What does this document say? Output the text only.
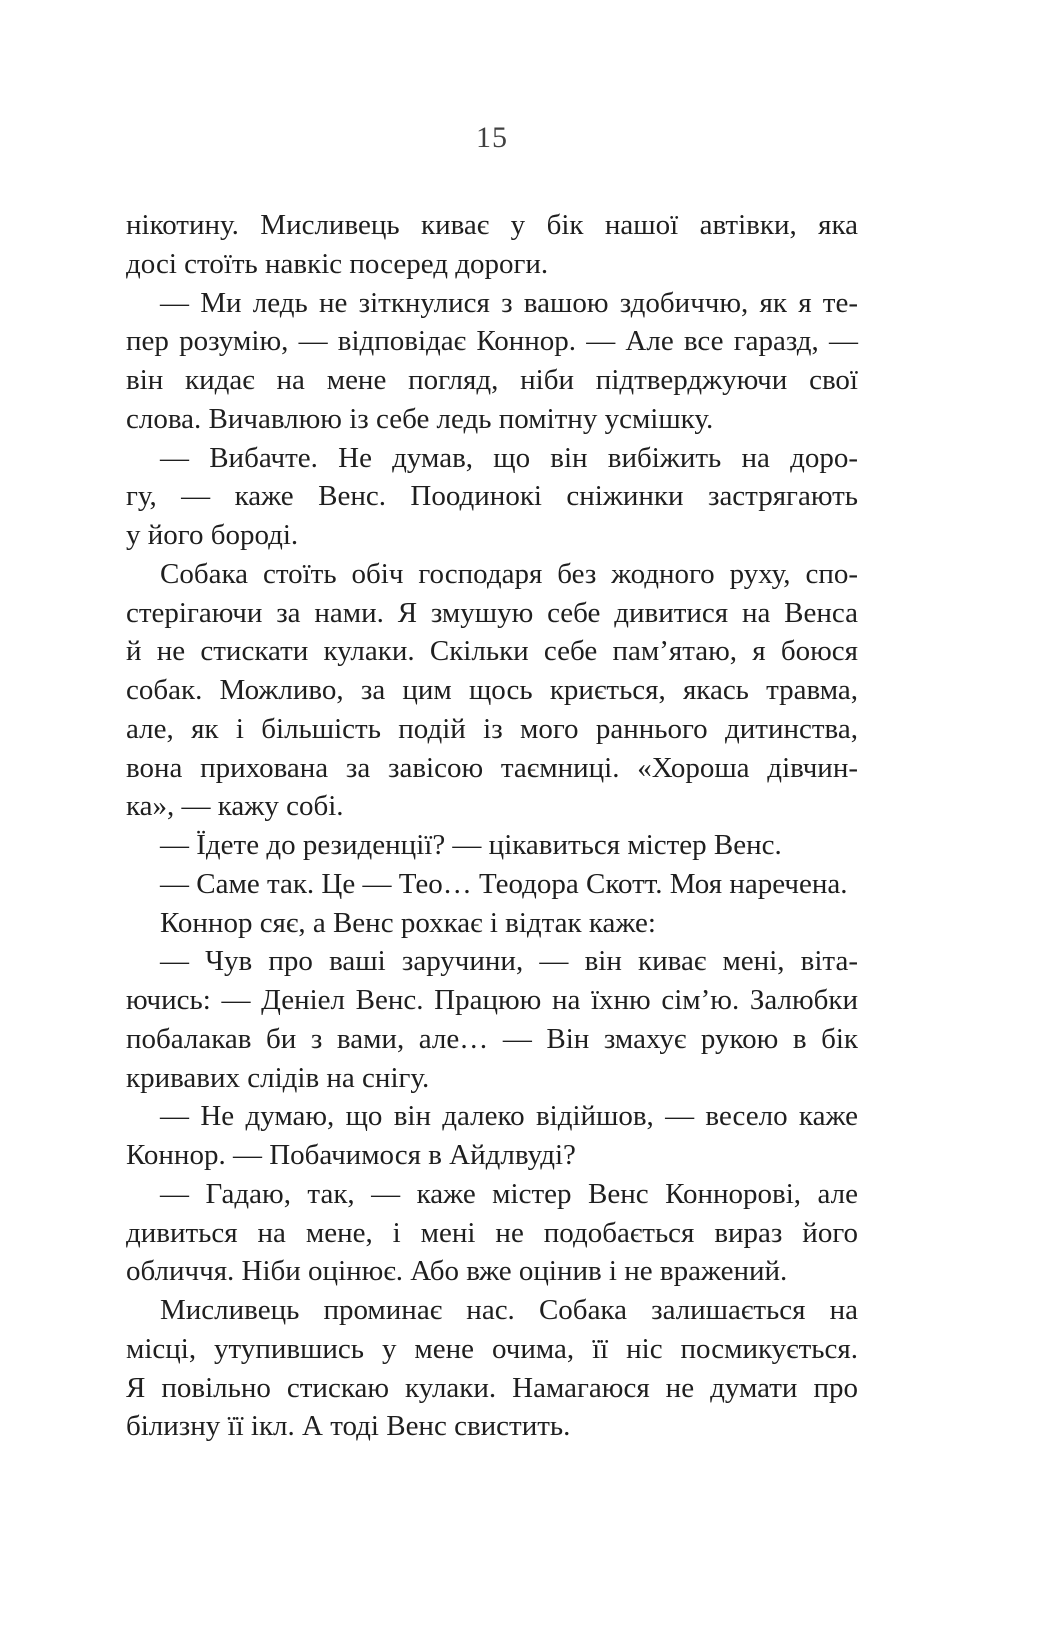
15
нікотину. Мисливець киває у бік нашої автівки, яка
досі стоїть навкіс посеред дороги.
— Ми ледь не зіткнулися з вашою здобиччю, як я те-
пер розумію, — відповідає Коннор. — Але все гаразд, —
він кидає на мене погляд, ніби підтверджуючи свої
слова. Вичавлюю із себе ледь помітну усмішку.
— Вибачте. Не думав, що він вибіжить на доро-
гу, — каже Венс. Поодинокі сніжинки застрягають
у його бороді.
Собака стоїть обіч господаря без жодного руху, спо-
стерігаючи за нами. Я змушую себе дивитися на Венса
й не стискати кулаки. Скільки себе пам’ятаю, я боюся
собак. Можливо, за цим щось криється, якась травма,
але, як і більшість подій із мого раннього дитинства,
вона прихована за завісою таємниці. «Хороша дівчин-
ка», — кажу собі.
— Їдете до резиденції? — цікавиться містер Венс.
— Саме так. Це — Тео… Теодора Скотт. Моя наречена.
Коннор сяє, а Венс рохкає і відтак каже:
— Чув про ваші заручини, — він киває мені, віта-
ючись: — Деніел Венс. Працюю на їхню сім’ю. Залюбки
побалакав би з вами, але… — Він змахує рукою в бік
кривавих слідів на снігу.
— Не думаю, що він далеко відійшов, — весело каже
Коннор. — Побачимося в Айдлвуді?
— Гадаю, так, — каже містер Венс Коннорові, але
дивиться на мене, і мені не подобається вираз його
обличчя. Ніби оцінює. Або вже оцінив і не вражений.
Мисливець проминає нас. Собака залишається на
місці, утупившись у мене очима, її ніс посмикується.
Я повільно стискаю кулаки. Намагаюся не думати про
білизну її ікл. А тоді Венс свистить.
